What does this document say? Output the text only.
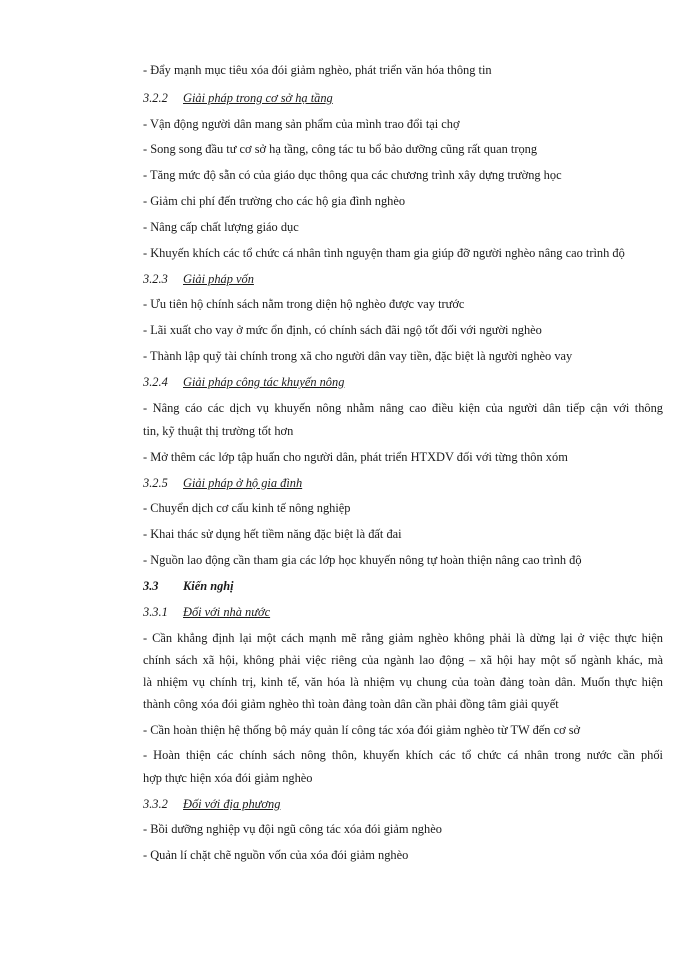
- Đẩy mạnh mục tiêu xóa đói giảm nghèo, phát triển văn hóa thông tin
3.2.2 Giải pháp trong cơ sở hạ tầng
- Vận động người dân mang sản phẩm của mình trao đổi tại chợ
- Song song đầu tư cơ sở hạ tầng, công tác tu bổ bảo dưỡng cũng rất quan trọng
- Tăng mức độ sẵn có của giáo dục thông qua các chương trình xây dựng trường học
- Giảm chi phí đến trường cho các hộ gia đình nghèo
- Nâng cấp chất lượng giáo dục
- Khuyến khích các tổ chức cá nhân tình nguyện tham gia giúp đỡ người nghèo nâng cao trình độ
3.2.3 Giải pháp vốn
- Ưu tiên hộ chính sách nằm trong diện hộ nghèo được vay trước
- Lãi xuất cho vay ở mức ổn định, có chính sách đãi ngộ tốt đối với người nghèo
- Thành lập quỹ tài chính trong xã cho người dân vay tiền, đặc biệt là người nghèo vay
3.2.4 Giải pháp công tác khuyến nông
- Nâng cáo các dịch vụ khuyến nông nhằm nâng cao điều kiện của người dân tiếp cận với thông
tin, kỹ thuật thị trường tốt hơn
- Mở thêm các lớp tập huấn cho người dân, phát triển HTXDV đối với từng thôn xóm
3.2.5 Giải pháp ở hộ gia đình
- Chuyển dịch cơ cấu kinh tế nông nghiệp
- Khai thác sử dụng hết tiềm năng đặc biệt là đất đai
- Nguồn lao động cần tham gia các lớp học khuyến nông tự hoàn thiện nâng cao trình độ
3.3 Kiến nghị
3.3.1 Đối với nhà nước
- Cần khẳng định lại một cách mạnh mẽ rằng giảm nghèo không phải là dừng lại ở việc thực hiện
chính sách xã hội, không phải việc riêng của ngành lao động – xã hội hay một số ngành khác, mà
là nhiệm vụ chính trị, kinh tế, văn hóa là nhiệm vụ chung của toàn đảng toàn dân. Muốn thực hiện
thành công xóa đói giảm nghèo thì toàn đảng toàn dân cần phải đồng tâm giải quyết
- Cần hoàn thiện hệ thống bộ máy quản lí công tác xóa đói giảm nghèo từ TW đến cơ sở
- Hoàn thiện các chính sách nông thôn, khuyến khích các tổ chức cá nhân trong nước cần phối
hợp thực hiện xóa đói giảm nghèo
3.3.2 Đối với địa phương
- Bồi dưỡng nghiệp vụ đội ngũ công tác xóa đói giảm nghèo
- Quản lí chặt chẽ nguồn vốn của xóa đói giảm nghèo
